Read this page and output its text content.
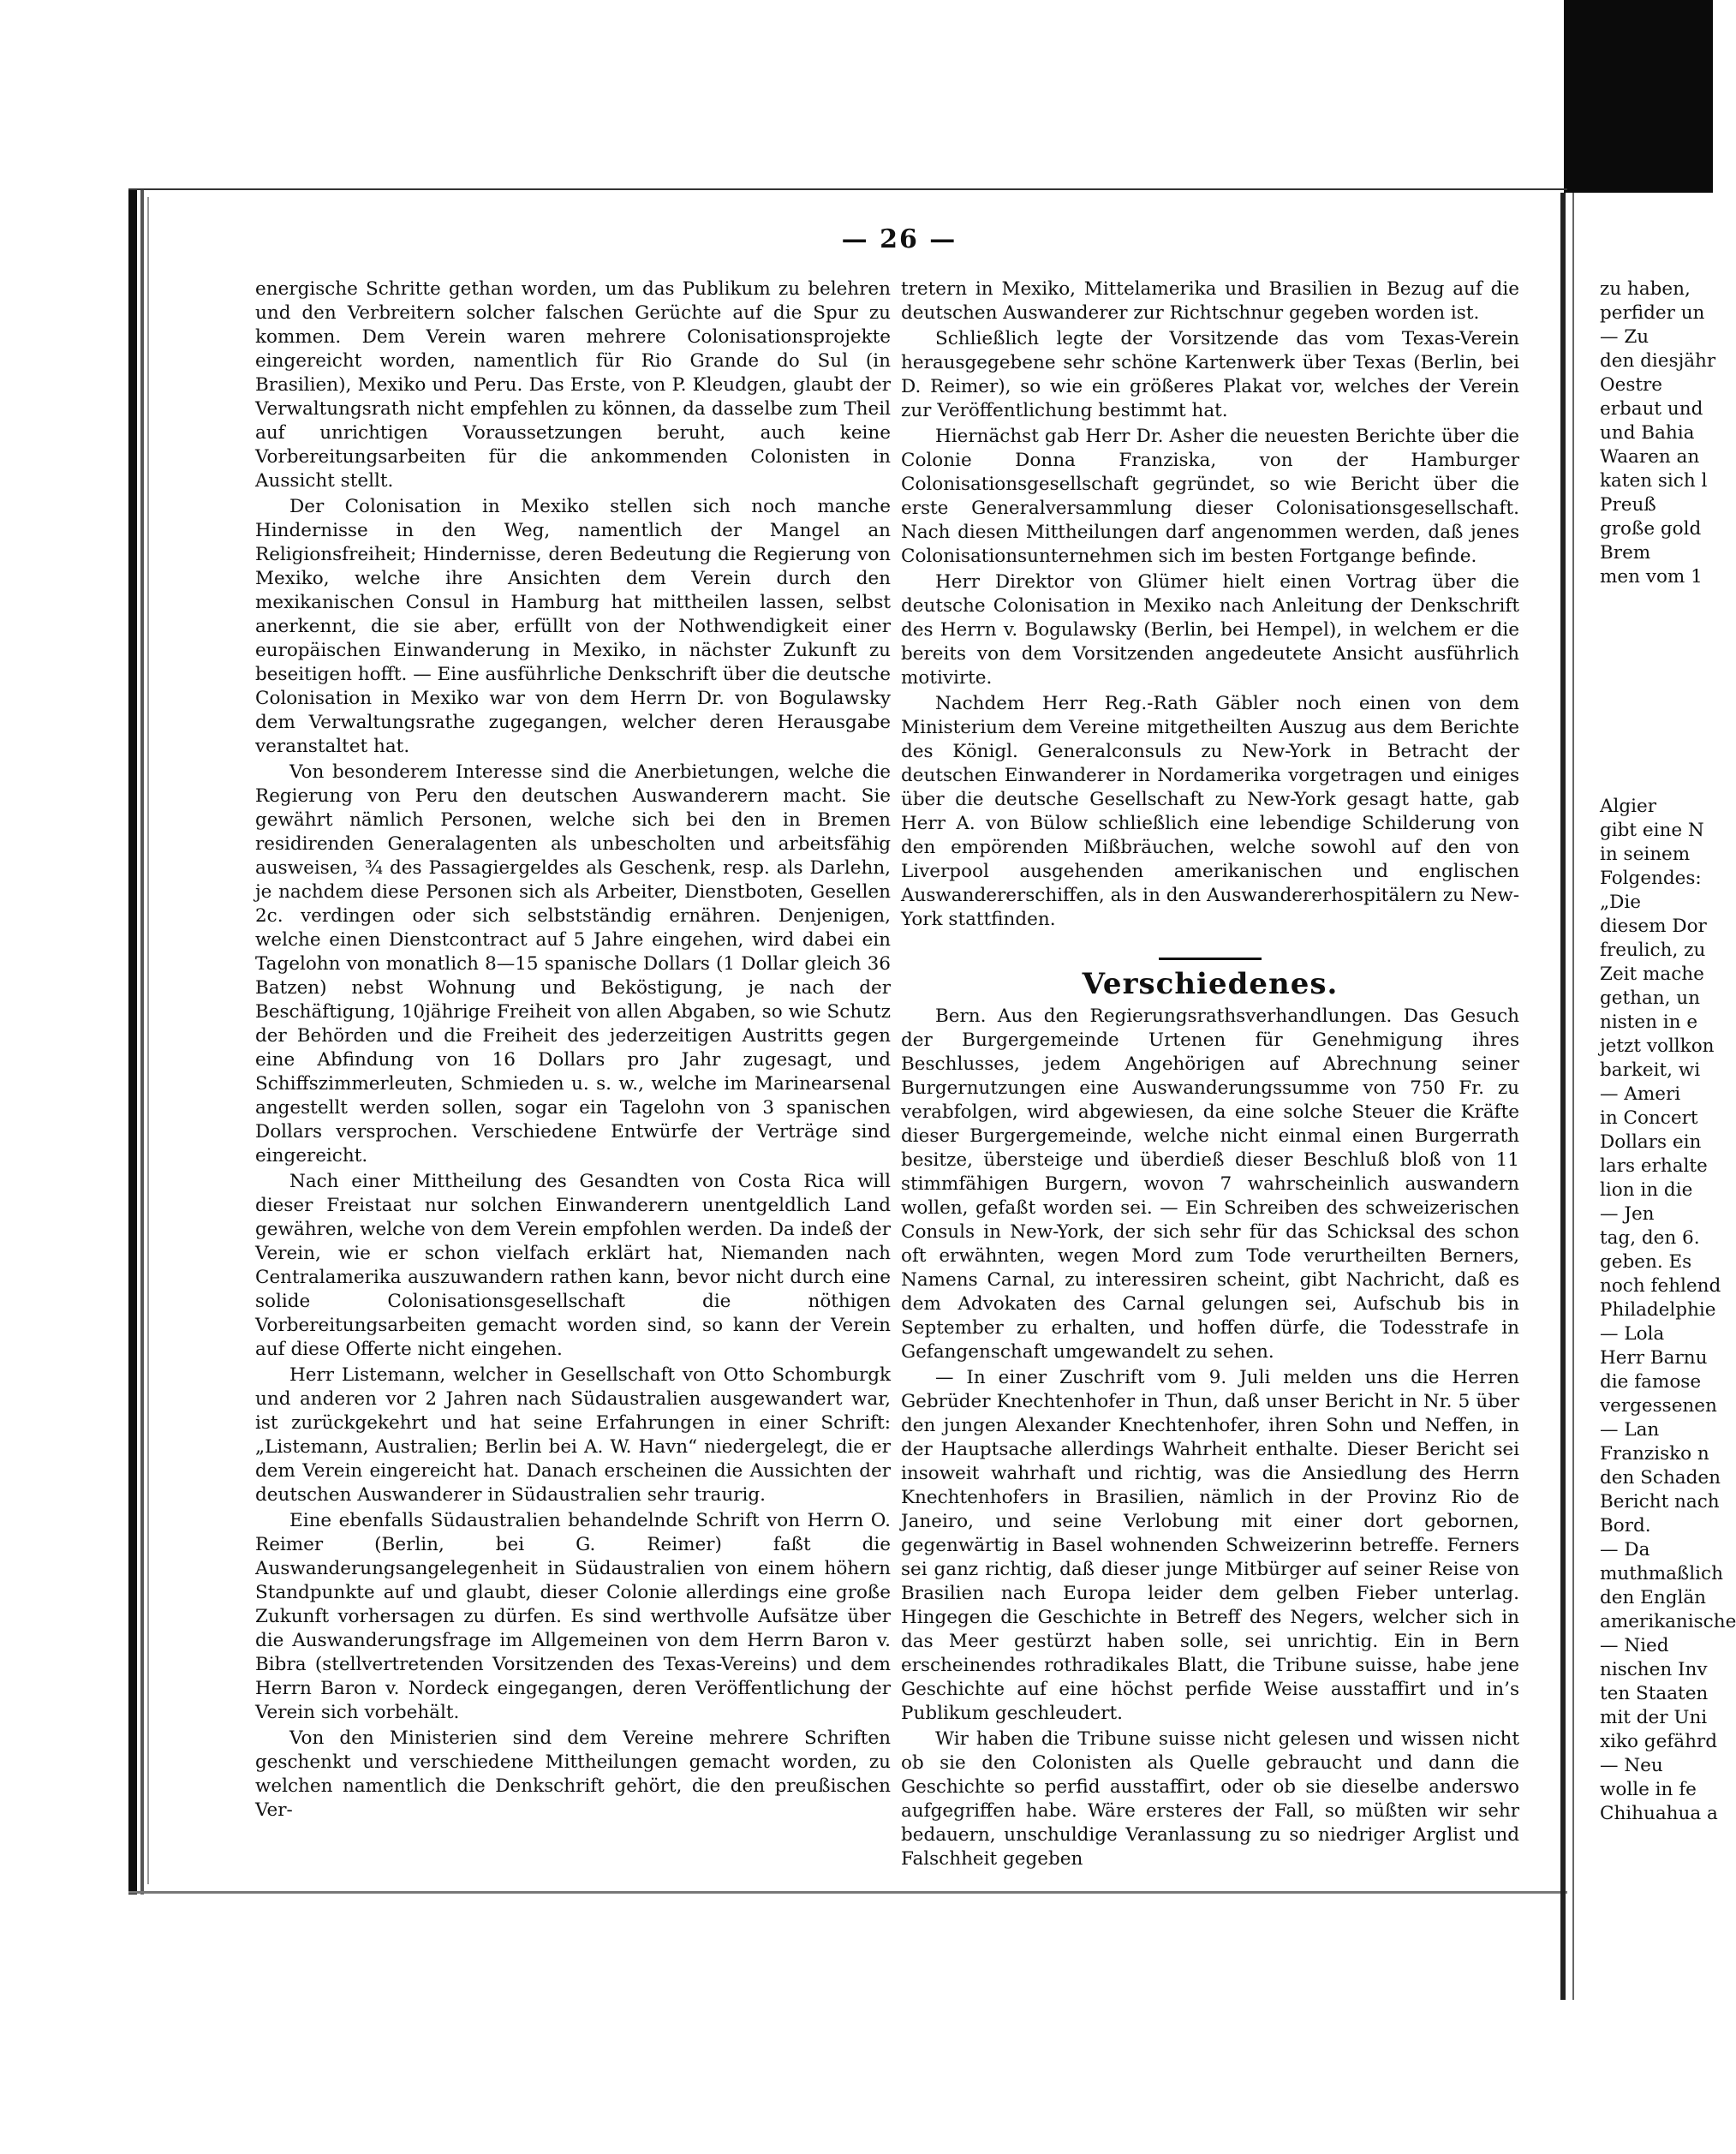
— 26 —

energische Schritte gethan worden, um das Publikum zu belehren und den Verbreitern solcher falschen Gerüchte auf die Spur zu kommen. Dem Verein waren mehrere Colonisationsprojekte eingereicht worden, namentlich für Rio Grande do Sul (in Brasilien), Mexiko und Peru. Das Erste, von P. Kleudgen, glaubt der Verwaltungsrath nicht empfehlen zu können, da dasselbe zum Theil auf unrichtigen Voraussetzungen beruht, auch keine Vorbereitungsarbeiten für die ankommenden Colonisten in Aussicht stellt.

Der Colonisation in Mexiko stellen sich noch manche Hindernisse in den Weg, namentlich der Mangel an Religionsfreiheit; Hindernisse, deren Bedeutung die Regierung von Mexiko, welche ihre Ansichten dem Verein durch den mexikanischen Consul in Hamburg hat mittheilen lassen, selbst anerkennt, die sie aber, erfüllt von der Nothwendigkeit einer europäischen Einwanderung in Mexiko, in nächster Zukunft zu beseitigen hofft. — Eine ausführliche Denkschrift über die deutsche Colonisation in Mexiko war von dem Herrn Dr. von Bogulawsky dem Verwaltungsrathe zugegangen, welcher deren Herausgabe veranstaltet hat.

Von besonderem Interesse sind die Anerbietungen, welche die Regierung von Peru den deutschen Auswanderern macht. Sie gewährt nämlich Personen, welche sich bei den in Bremen residirenden Generalagenten als unbescholten und arbeitsfähig ausweisen, ¾ des Passagiergeldes als Geschenk, resp. als Darlehn, je nachdem diese Personen sich als Arbeiter, Dienstboten, Gesellen 2c. verdingen oder sich selbstständig ernähren. Denjenigen, welche einen Dienstcontract auf 5 Jahre eingehen, wird dabei ein Tagelohn von monatlich 8—15 spanische Dollars (1 Dollar gleich 36 Batzen) nebst Wohnung und Beköstigung, je nach der Beschäftigung, 10jährige Freiheit von allen Abgaben, so wie Schutz der Behörden und die Freiheit des jederzeitigen Austritts gegen eine Abfindung von 16 Dollars pro Jahr zugesagt, und Schiffszimmerleuten, Schmieden u. s. w., welche im Marinearsenal angestellt werden sollen, sogar ein Tagelohn von 3 spanischen Dollars versprochen. Verschiedene Entwürfe der Verträge sind eingereicht.

Nach einer Mittheilung des Gesandten von Costa Rica will dieser Freistaat nur solchen Einwanderern unentgeldlich Land gewähren, welche von dem Verein empfohlen werden. Da indeß der Verein, wie er schon vielfach erklärt hat, Niemanden nach Centralamerika auszuwandern rathen kann, bevor nicht durch eine solide Colonisationsgesellschaft die nöthigen Vorbereitungsarbeiten gemacht worden sind, so kann der Verein auf diese Offerte nicht eingehen.

Herr Listemann, welcher in Gesellschaft von Otto Schomburgk und anderen vor 2 Jahren nach Südaustralien ausgewandert war, ist zurückgekehrt und hat seine Erfahrungen in einer Schrift: „Listemann, Australien; Berlin bei A. W. Havn“ niedergelegt, die er dem Verein eingereicht hat. Danach erscheinen die Aussichten der deutschen Auswanderer in Südaustralien sehr traurig.

Eine ebenfalls Südaustralien behandelnde Schrift von Herrn O. Reimer (Berlin, bei G. Reimer) faßt die Auswanderungsangelegenheit in Südaustralien von einem höhern Standpunkte auf und glaubt, dieser Colonie allerdings eine große Zukunft vorhersagen zu dürfen. Es sind werthvolle Aufsätze über die Auswanderungsfrage im Allgemeinen von dem Herrn Baron v. Bibra (stellvertretenden Vorsitzenden des Texas-Vereins) und dem Herrn Baron v. Nordeck eingegangen, deren Veröffentlichung der Verein sich vorbehält.

Von den Ministerien sind dem Vereine mehrere Schriften geschenkt und verschiedene Mittheilungen gemacht worden, zu welchen namentlich die Denkschrift gehört, die den preußischen Ver-

tretern in Mexiko, Mittelamerika und Brasilien in Bezug auf die deutschen Auswanderer zur Richtschnur gegeben worden ist.

Schließlich legte der Vorsitzende das vom Texas-Verein herausgegebene sehr schöne Kartenwerk über Texas (Berlin, bei D. Reimer), so wie ein größeres Plakat vor, welches der Verein zur Veröffentlichung bestimmt hat.

Hiernächst gab Herr Dr. Asher die neuesten Berichte über die Colonie Donna Franziska, von der Hamburger Colonisationsgesellschaft gegründet, so wie Bericht über die erste Generalversammlung dieser Colonisationsgesellschaft. Nach diesen Mittheilungen darf angenommen werden, daß jenes Colonisationsunternehmen sich im besten Fortgange befinde.

Herr Direktor von Glümer hielt einen Vortrag über die deutsche Colonisation in Mexiko nach Anleitung der Denkschrift des Herrn v. Bogulawsky (Berlin, bei Hempel), in welchem er die bereits von dem Vorsitzenden angedeutete Ansicht ausführlich motivirte.

Nachdem Herr Reg.-Rath Gäbler noch einen von dem Ministerium dem Vereine mitgetheilten Auszug aus dem Berichte des Königl. Generalconsuls zu New-York in Betracht der deutschen Einwanderer in Nordamerika vorgetragen und einiges über die deutsche Gesellschaft zu New-York gesagt hatte, gab Herr A. von Bülow schließlich eine lebendige Schilderung von den empörenden Mißbräuchen, welche sowohl auf den von Liverpool ausgehenden amerikanischen und englischen Auswandererschiffen, als in den Auswandererhospitälern zu New-York stattfinden.

Verschiedenes.

Bern. Aus den Regierungsrathsverhandlungen. Das Gesuch der Burgergemeinde Urtenen für Genehmigung ihres Beschlusses, jedem Angehörigen auf Abrechnung seiner Burgernutzungen eine Auswanderungssumme von 750 Fr. zu verabfolgen, wird abgewiesen, da eine solche Steuer die Kräfte dieser Burgergemeinde, welche nicht einmal einen Burgerrath besitze, übersteige und überdieß dieser Beschluß bloß von 11 stimmfähigen Burgern, wovon 7 wahrscheinlich auswandern wollen, gefaßt worden sei. — Ein Schreiben des schweizerischen Consuls in New-York, der sich sehr für das Schicksal des schon oft erwähnten, wegen Mord zum Tode verurtheilten Berners, Namens Carnal, zu interessiren scheint, gibt Nachricht, daß es dem Advokaten des Carnal gelungen sei, Aufschub bis in September zu erhalten, und hoffen dürfe, die Todesstrafe in Gefangenschaft umgewandelt zu sehen.

— In einer Zuschrift vom 9. Juli melden uns die Herren Gebrüder Knechtenhofer in Thun, daß unser Bericht in Nr. 5 über den jungen Alexander Knechtenhofer, ihren Sohn und Neffen, in der Hauptsache allerdings Wahrheit enthalte. Dieser Bericht sei insoweit wahrhaft und richtig, was die Ansiedlung des Herrn Knechtenhofers in Brasilien, nämlich in der Provinz Rio de Janeiro, und seine Verlobung mit einer dort gebornen, gegenwärtig in Basel wohnenden Schweizerinn betreffe. Ferners sei ganz richtig, daß dieser junge Mitbürger auf seiner Reise von Brasilien nach Europa leider dem gelben Fieber unterlag. Hingegen die Geschichte in Betreff des Negers, welcher sich in das Meer gestürzt haben solle, sei unrichtig. Ein in Bern erscheinendes rothradikales Blatt, die Tribune suisse, habe jene Geschichte auf eine höchst perfide Weise ausstaffirt und in’s Publikum geschleudert.

Wir haben die Tribune suisse nicht gelesen und wissen nicht ob sie den Colonisten als Quelle gebraucht und dann die Geschichte so perfid ausstaffirt, oder ob sie dieselbe anderswo aufgegriffen habe. Wäre ersteres der Fall, so müßten wir sehr bedauern, unschuldige Veranlassung zu so niedriger Arglist und Falschheit gegeben

zu haben,
perfider un
— Zu
den diesjähr
Oestre
erbaut und
und Bahia
Waaren an
katen sich l
Preuß
große gold
Brem
men vom 1
Algier
gibt eine N
in seinem
Folgendes:
„Die
diesem Dor
freulich, zu
Zeit mache
gethan, un
nisten in e
jetzt vollkon
barkeit, wi
— Ameri
in Concert
Dollars ein
lars erhalte
lion in die
— Jen
tag, den 6.
geben. Es
noch fehlend
Philadelphie
— Lola
Herr Barnu
die famose
vergessenen
— Lan
Franzisko n
den Schaden
Bericht nach
Bord.
— Da
muthmaßlich
den Englän
amerikanische
— Nied
nischen Inv
ten Staaten
mit der Uni
xiko gefährd
— Neu
wolle in fe
Chihuahua a
